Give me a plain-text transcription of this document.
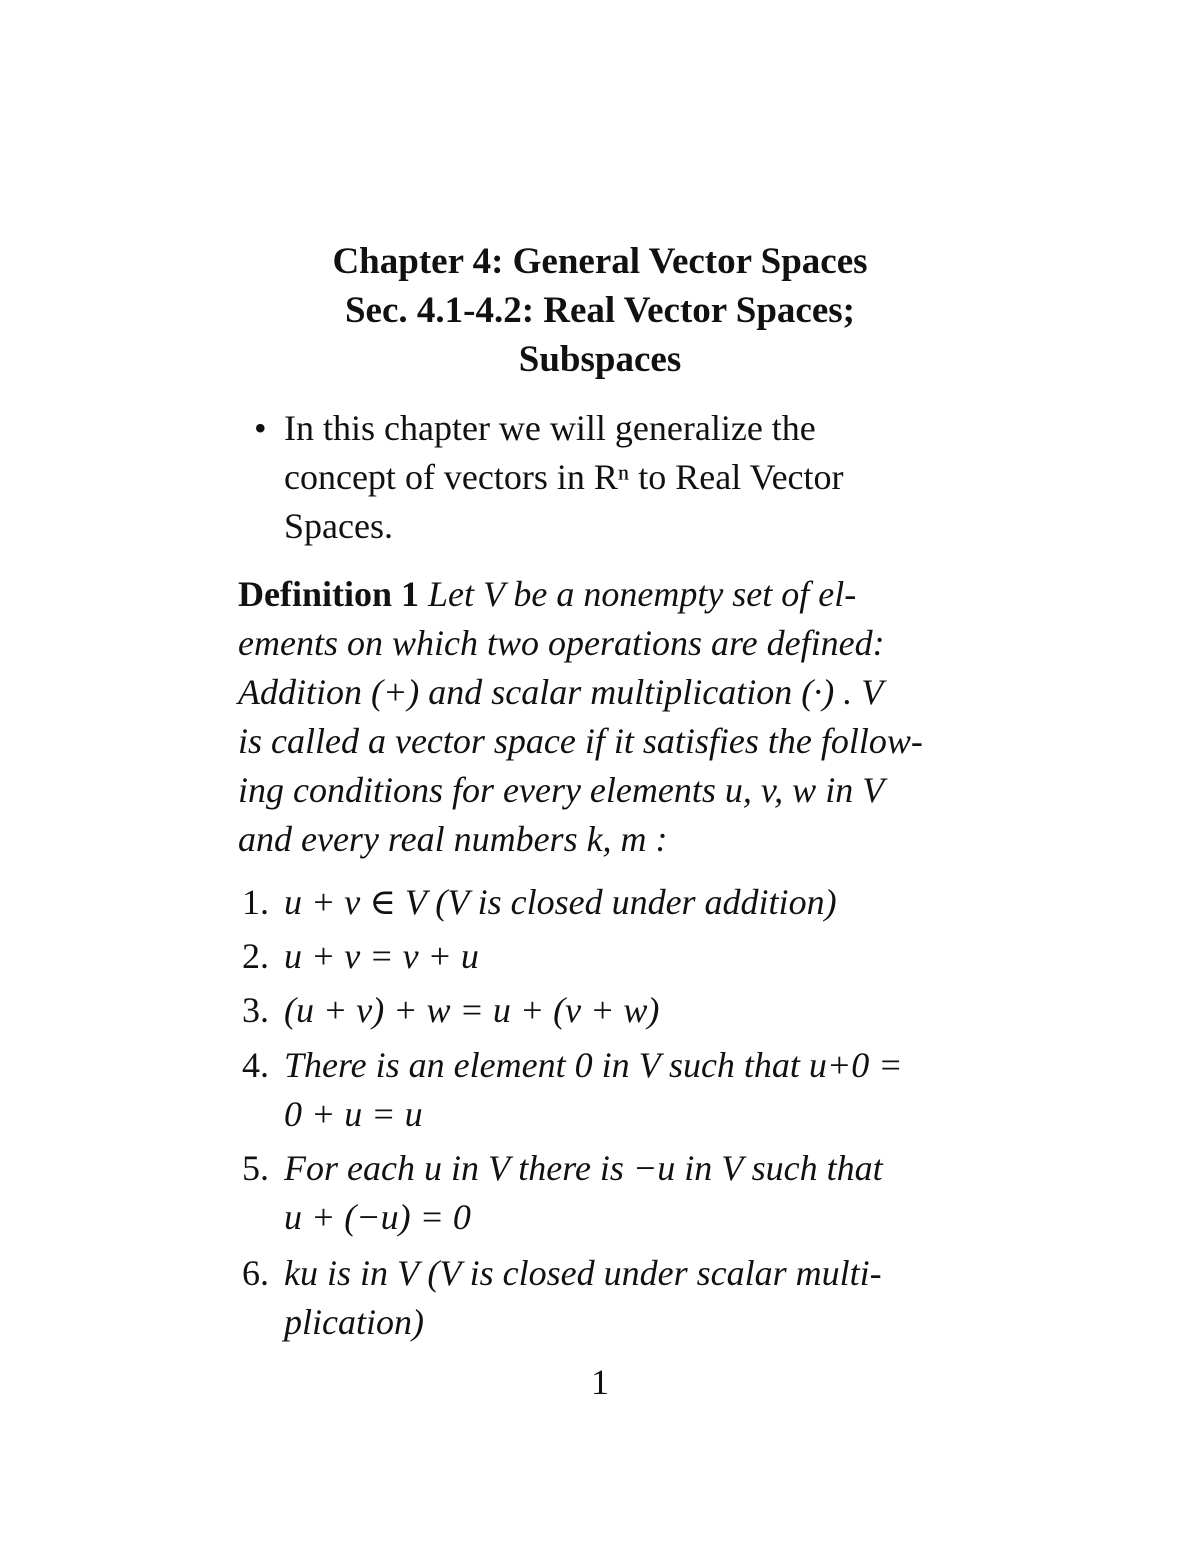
Chapter 4: General Vector Spaces
Sec. 4.1-4.2: Real Vector Spaces;
Subspaces
• In this chapter we will generalize the
concept of vectors in Rⁿ to Real Vector
Spaces.
Definition 1 Let V be a nonempty set of el-
ements on which two operations are defined:
Addition (+) and scalar multiplication (·) . V
is called a vector space if it satisfies the follow-
ing conditions for every elements u, v, w in V
and every real numbers k, m :
1. u + v ∈ V (V is closed under addition)
2. u + v = v + u
3. (u + v) + w = u + (v + w)
4. There is an element 0 in V such that u+0 =
0 + u = u
5. For each u in V there is −u in V such that
u + (−u) = 0
6. ku is in V (V is closed under scalar multi-
plication)
1
